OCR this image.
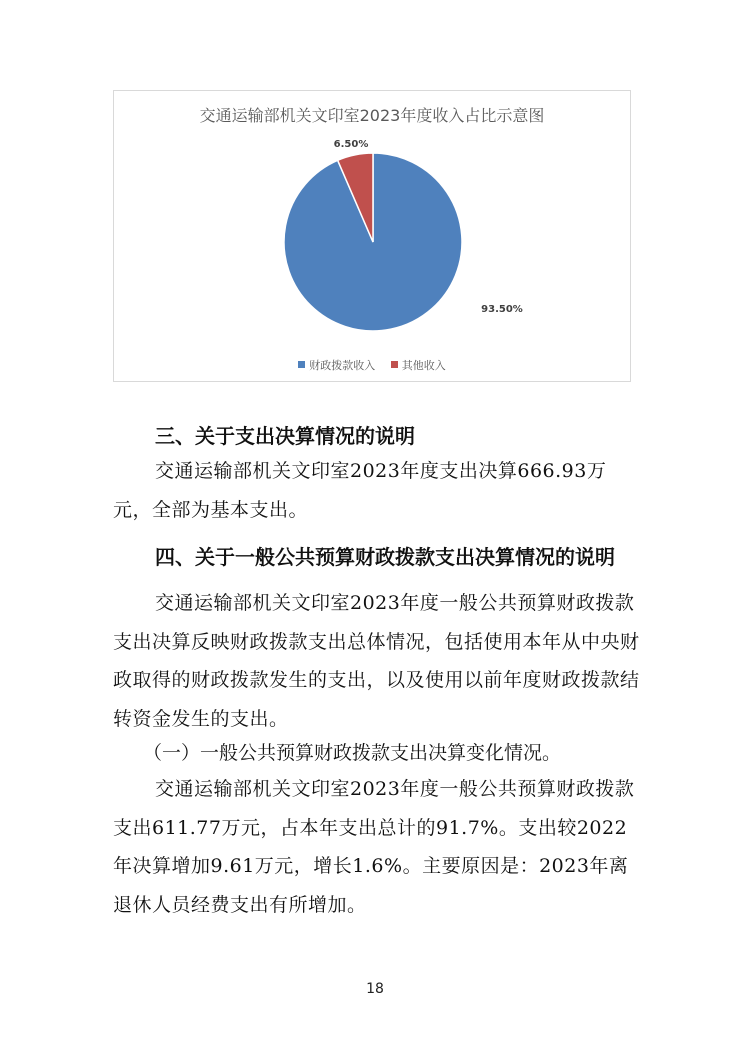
交通运输部机关文印室2023年度收入占比示意图
93.50%
6.50%
财政拨款收入 其他收入
三、关于支出决算情况的说明

交通运输部机关文印室2023年度支出决算666.93万元，全部为基本支出。

四、关于一般公共预算财政拨款支出决算情况的说明

交通运输部机关文印室2023年度一般公共预算财政拨款支出决算反映财政拨款支出总体情况，包括使用本年从中央财政取得的财政拨款发生的支出，以及使用以前年度财政拨款结转资金发生的支出。

（一）一般公共预算财政拨款支出决算变化情况。

交通运输部机关文印室2023年度一般公共预算财政拨款支出611.77万元，占本年支出总计的91.7%。支出较2022年决算增加9.61万元，增长1.6%。主要原因是：2023年离退休人员经费支出有所增加。

18
